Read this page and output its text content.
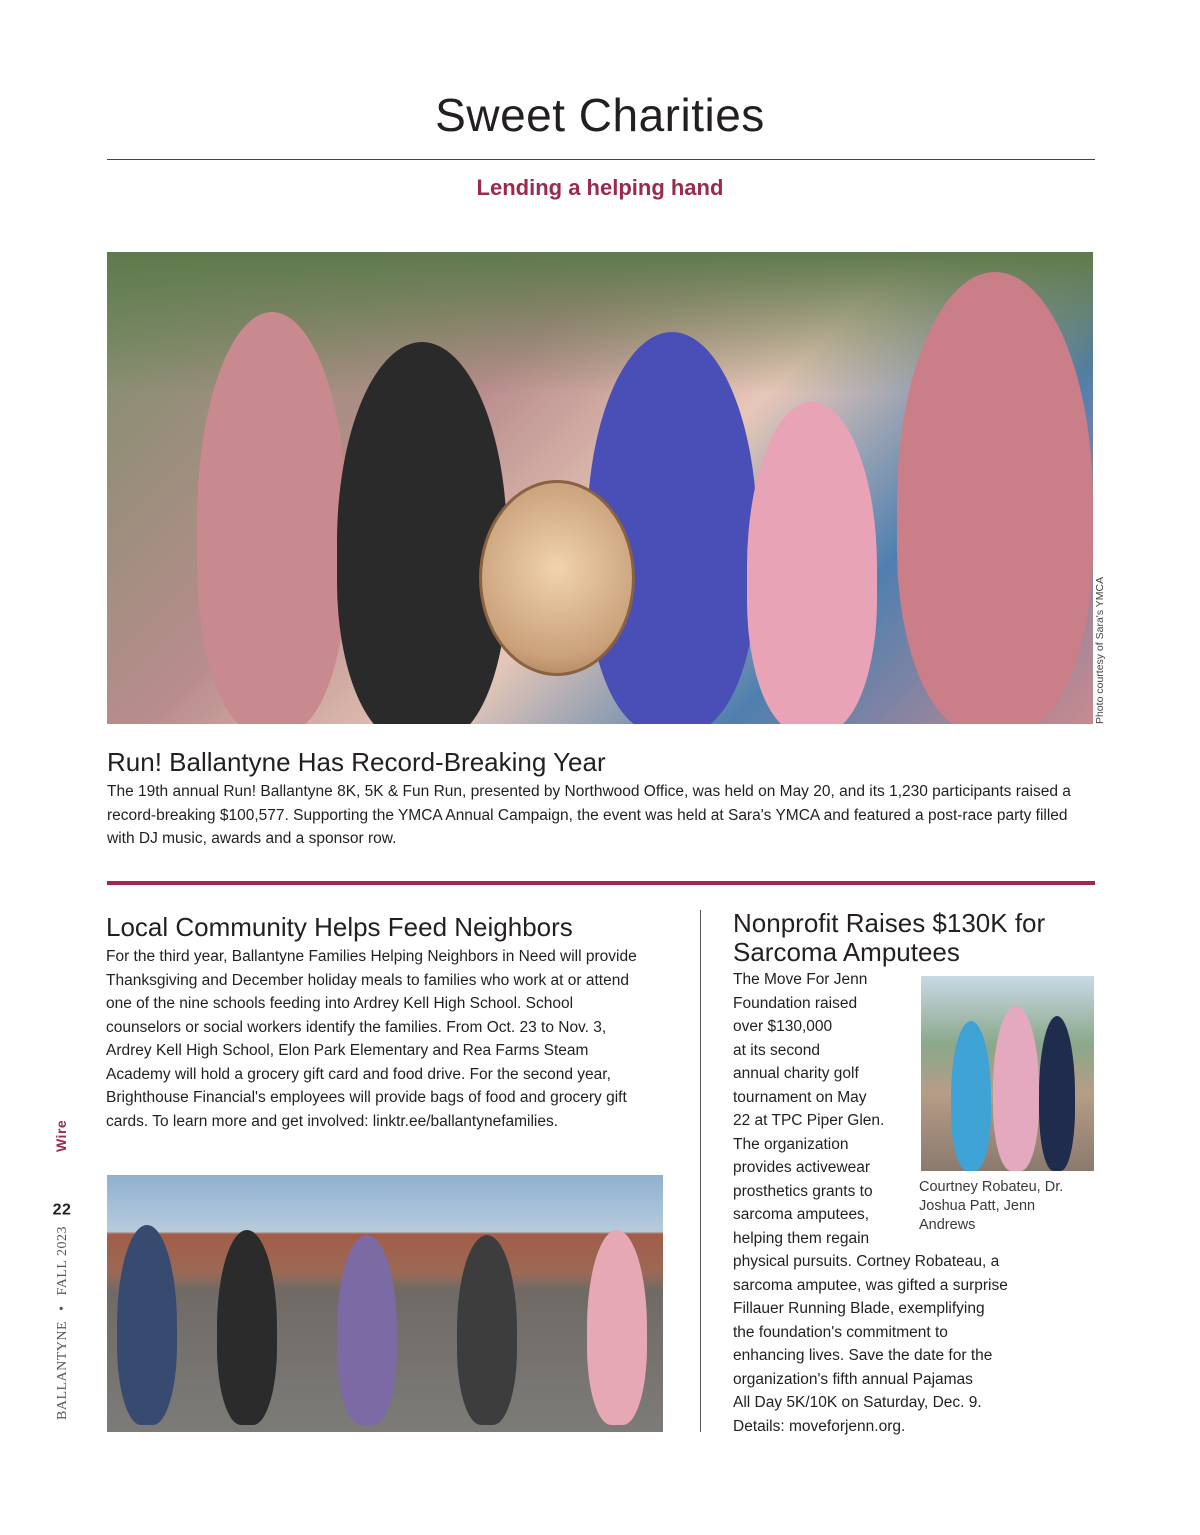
Sweet Charities
Lending a helping hand
Photo courtesy of Sara's YMCA
Run! Ballantyne Has Record-Breaking Year

The 19th annual Run! Ballantyne 8K, 5K & Fun Run, presented by Northwood Office, was held on May 20, and its 1,230 participants raised a record-breaking $100,577. Supporting the YMCA Annual Campaign, the event was held at Sara's YMCA and featured a post-race party filled with DJ music, awards and a sponsor row.

Local Community Helps Feed Neighbors

For the third year, Ballantyne Families Helping Neighbors in Need will provide Thanksgiving and December holiday meals to families who work at or attend one of the nine schools feeding into Ardrey Kell High School. School counselors or social workers identify the families. From Oct. 23 to Nov. 3, Ardrey Kell High School, Elon Park Elementary and Rea Farms Steam Academy will hold a grocery gift card and food drive. For the second year, Brighthouse Financial's employees will provide bags of food and grocery gift cards. To learn more and get involved: linktr.ee/ballantynefamilies.

Nonprofit Raises $130K for Sarcoma Amputees

Courtney Robateu, Dr. Joshua Patt, Jenn Andrews

The Move For Jenn

Foundation raised

over $130,000

at its second

annual charity golf

tournament on May

22 at TPC Piper Glen.

The organization

provides activewear

prosthetics grants to

sarcoma amputees,

helping them regain

physical pursuits. Cortney Robateau, a

sarcoma amputee, was gifted a surprise

Fillauer Running Blade, exemplifying

the foundation's commitment to

enhancing lives. Save the date for the

organization's fifth annual Pajamas

All Day 5K/10K on Saturday, Dec. 9.

Details: moveforjenn.org.

BALLANTYNE • FALL 2023 Wire
22
